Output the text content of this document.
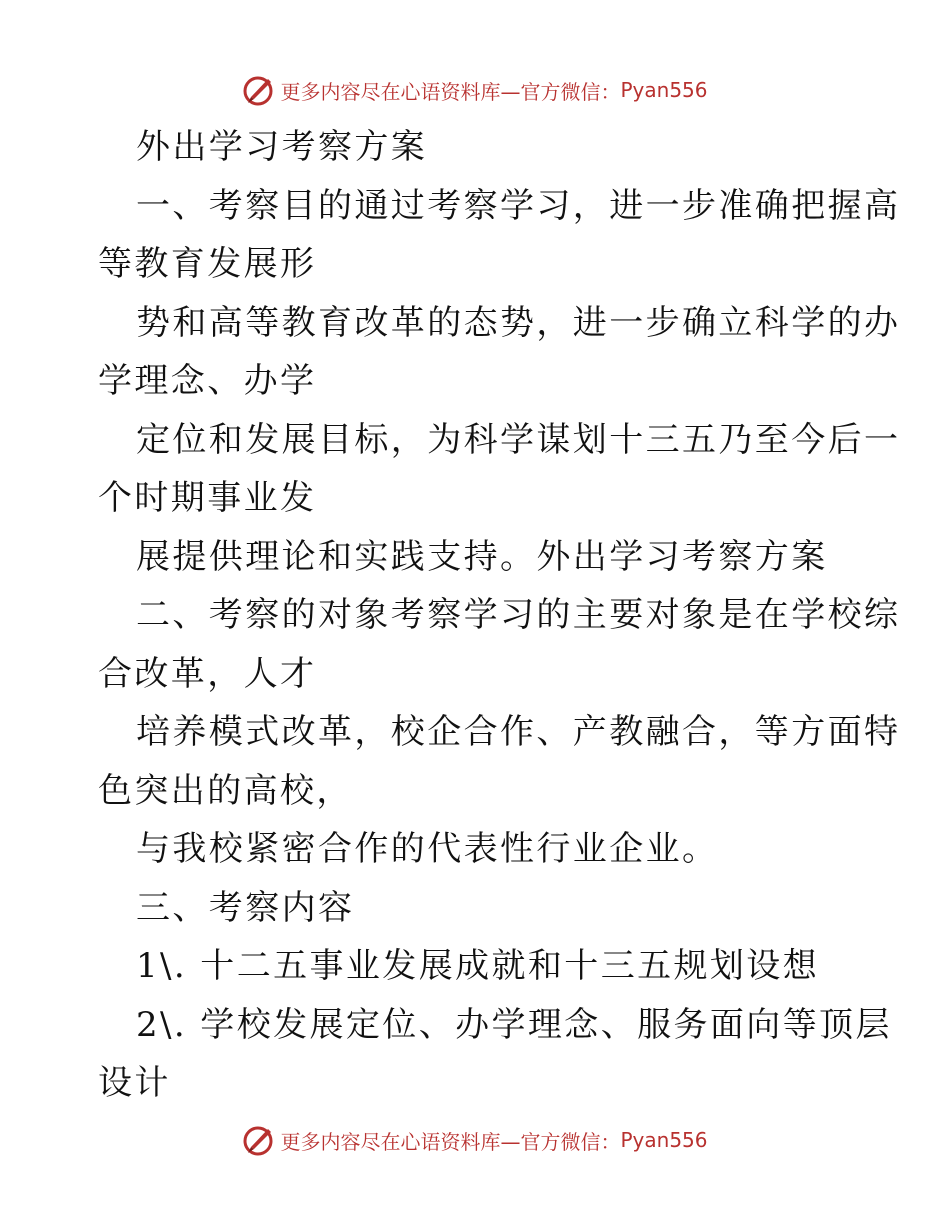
更多内容尽在心语资料库—官方微信： Pyan556
外出学习考察方案
一、考察目的通过考察学习，进一步准确把握高
等教育发展形
势和高等教育改革的态势，进一步确立科学的办
学理念、办学
定位和发展目标，为科学谋划十三五乃至今后一
个时期事业发
展提供理论和实践支持。外出学习考察方案
二、考察的对象考察学习的主要对象是在学校综
合改革，人才
培养模式改革，校企合作、产教融合，等方面特
色突出的高校，
与我校紧密合作的代表性行业企业。
三、考察内容
1\. 十二五事业发展成就和十三五规划设想
2\. 学校发展定位、办学理念、服务面向等顶层
设计
更多内容尽在心语资料库—官方微信： Pyan556
